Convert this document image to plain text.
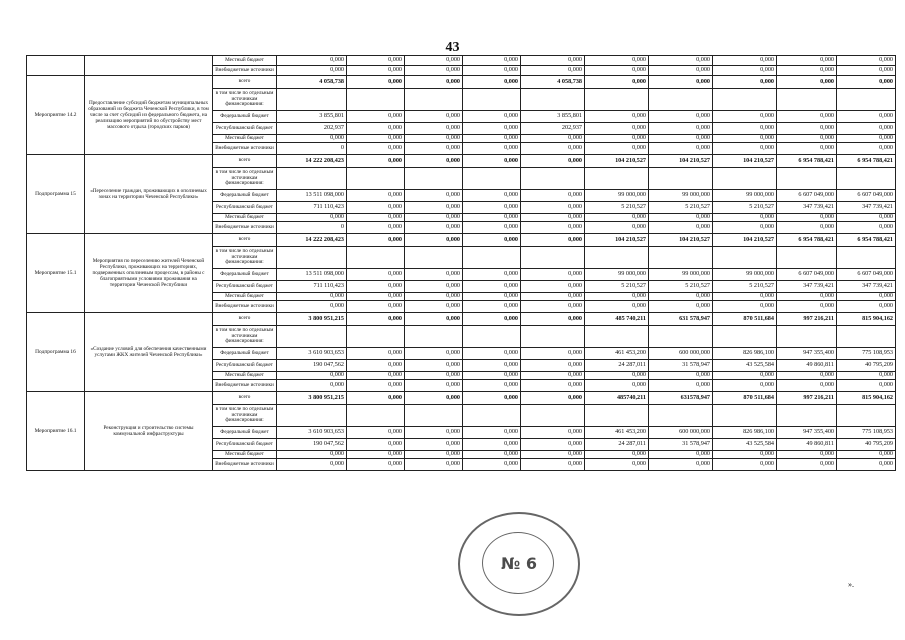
43
		Местный бюджет	0,000	0,000	0,000	0,000	0,000	0,000	0,000	0,000	0,000	0,000
		Внебюджетные источники	0,000	0,000	0,000	0,000	0,000	0,000	0,000	0,000	0,000	0,000
Мероприятие 14.2	Предоставление субсидий бюджетам муниципальных образований из бюджета Чеченской Республики, в том числе за счет субсидий из федерального бюджета, на реализацию мероприятий по обустройству мест массового отдыха (городских парков)	всего	4 058,738	0,000	0,000	0,000	4 058,738	0,000	0,000	0,000	0,000	0,000
		в том числе по отдельным источникам финансирования:										
		Федеральный бюджет	3 855,801	0,000	0,000	0,000	3 855,801	0,000	0,000	0,000	0,000	0,000
		Республиканский бюджет	202,937	0,000	0,000	0,000	202,937	0,000	0,000	0,000	0,000	0,000
		Местный бюджет	0,000	0,000	0,000	0,000	0,000	0,000	0,000	0,000	0,000	0,000
		Внебюджетные источники	0	0,000	0,000	0,000	0,000	0,000	0,000	0,000	0,000	0,000
Подпрограмма 15	«Переселение граждан, проживающих в оползневых зонах на территории Чеченской Республики»	всего	14 222 208,423	0,000	0,000	0,000	0,000	104 210,527	104 210,527	104 210,527	6 954 788,421	6 954 788,421
		в том числе по отдельным источникам финансирования:										
		Федеральный бюджет	13 511 098,000	0,000	0,000	0,000	0,000	99 000,000	99 000,000	99 000,000	6 607 049,000	6 607 049,000
		Республиканский бюджет	711 110,423	0,000	0,000	0,000	0,000	5 210,527	5 210,527	5 210,527	347 739,421	347 739,421
		Местный бюджет	0,000	0,000	0,000	0,000	0,000	0,000	0,000	0,000	0,000	0,000
		Внебюджетные источники	0	0,000	0,000	0,000	0,000	0,000	0,000	0,000	0,000	0,000
Мероприятие 15.1	Мероприятия по переселению жителей Чеченской Республики, проживающих на территориях, подверженных оползневым процессам, в районы с благоприятными условиями проживания на территории Чеченской Республики	всего	14 222 208,423	0,000	0,000	0,000	0,000	104 210,527	104 210,527	104 210,527	6 954 788,421	6 954 788,421
		в том числе по отдельным источникам финансирования:										
		Федеральный бюджет	13 511 098,000	0,000	0,000	0,000	0,000	99 000,000	99 000,000	99 000,000	6 607 049,000	6 607 049,000
		Республиканский бюджет	711 110,423	0,000	0,000	0,000	0,000	5 210,527	5 210,527	5 210,527	347 739,421	347 739,421
		Местный бюджет	0,000	0,000	0,000	0,000	0,000	0,000	0,000	0,000	0,000	0,000
		Внебюджетные источники	0,000	0,000	0,000	0,000	0,000	0,000	0,000	0,000	0,000	0,000
Подпрограмма 16	«Создание условий для обеспечения качественными услугами ЖКХ жителей Чеченской Республики»	всего	3 800 951,215	0,000	0,000	0,000	0,000	485 740,211	631 578,947	870 511,684	997 216,211	815 904,162
		в том числе по отдельным источникам финансирования:										
		Федеральный бюджет	3 610 903,653	0,000	0,000	0,000	0,000	461 453,200	600 000,000	826 986,100	947 355,400	775 108,953
		Республиканский бюджет	190 047,562	0,000	0,000	0,000	0,000	24 287,011	31 578,947	43 525,584	49 860,811	40 795,209
		Местный бюджет	0,000	0,000	0,000	0,000	0,000	0,000	0,000	0,000	0,000	0,000
		Внебюджетные источники	0,000	0,000	0,000	0,000	0,000	0,000	0,000	0,000	0,000	0,000
Мероприятие 16.1	Реконструкция и строительство системы коммунальной инфраструктуры	всего	3 800 951,215	0,000	0,000	0,000	0,000	485740,211	631578,947	870 511,684	997 216,211	815 904,162
		в том числе по отдельным источникам финансирования:										
		Федеральный бюджет	3 610 903,653	0,000	0,000	0,000	0,000	461 453,200	600 000,000	826 986,100	947 355,400	775 108,953
		Республиканский бюджет	190 047,562	0,000	0,000	0,000	0,000	24 287,011	31 578,947	43 525,584	49 860,811	40 795,209
		Местный бюджет	0,000	0,000	0,000	0,000	0,000	0,000	0,000	0,000	0,000	0,000
		Внебюджетные источники	0,000	0,000	0,000	0,000	0,000	0,000	0,000	0,000	0,000	0,000
№ 6
».
